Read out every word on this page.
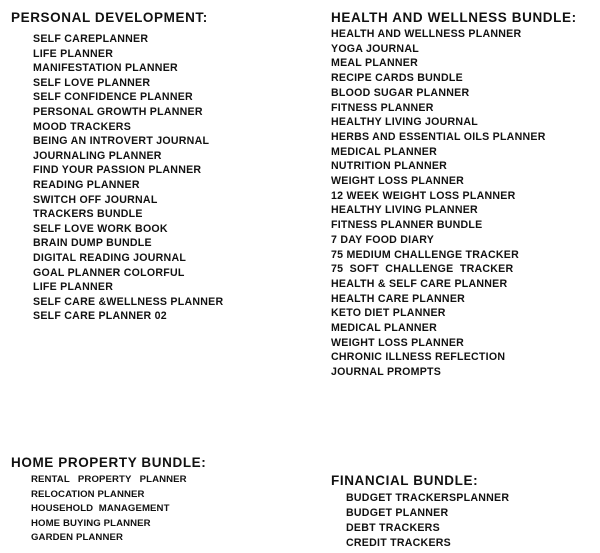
PERSONAL DEVELOPMENT:
SELF CAREPLANNER
LIFE PLANNER
MANIFESTATION PLANNER
SELF LOVE PLANNER
SELF CONFIDENCE PLANNER
PERSONAL GROWTH PLANNER
MOOD TRACKERS
BEING AN INTROVERT JOURNAL
JOURNALING PLANNER
FIND YOUR PASSION PLANNER
READING PLANNER
SWITCH OFF JOURNAL
TRACKERS BUNDLE
SELF LOVE WORK BOOK
BRAIN DUMP BUNDLE
DIGITAL READING JOURNAL
GOAL PLANNER COLORFUL
LIFE PLANNER
SELF CARE &WELLNESS PLANNER
SELF CARE PLANNER 02
HEALTH AND WELLNESS BUNDLE:
HEALTH AND WELLNESS PLANNER
YOGA JOURNAL
MEAL PLANNER
RECIPE CARDS BUNDLE
BLOOD SUGAR PLANNER
FITNESS PLANNER
HEALTHY LIVING JOURNAL
HERBS AND ESSENTIAL OILS PLANNER
MEDICAL PLANNER
NUTRITION PLANNER
WEIGHT LOSS PLANNER
12 WEEK WEIGHT LOSS PLANNER
HEALTHY LIVING PLANNER
FITNESS PLANNER BUNDLE
7 DAY FOOD DIARY
75 MEDIUM CHALLENGE TRACKER
75  SOFT  CHALLENGE  TRACKER
HEALTH & SELF CARE PLANNER
HEALTH CARE PLANNER
KETO DIET PLANNER
MEDICAL PLANNER
WEIGHT LOSS PLANNER
CHRONIC ILLNESS REFLECTION
JOURNAL PROMPTS
HOME PROPERTY BUNDLE:
RENTAL   PROPERTY   PLANNER
RELOCATION PLANNER
HOUSEHOLD  MANAGEMENT
HOME BUYING PLANNER
GARDEN PLANNER
FINANCIAL BUNDLE:
BUDGET TRACKERSPLANNER
BUDGET PLANNER
DEBT TRACKERS
CREDIT TRACKERS
